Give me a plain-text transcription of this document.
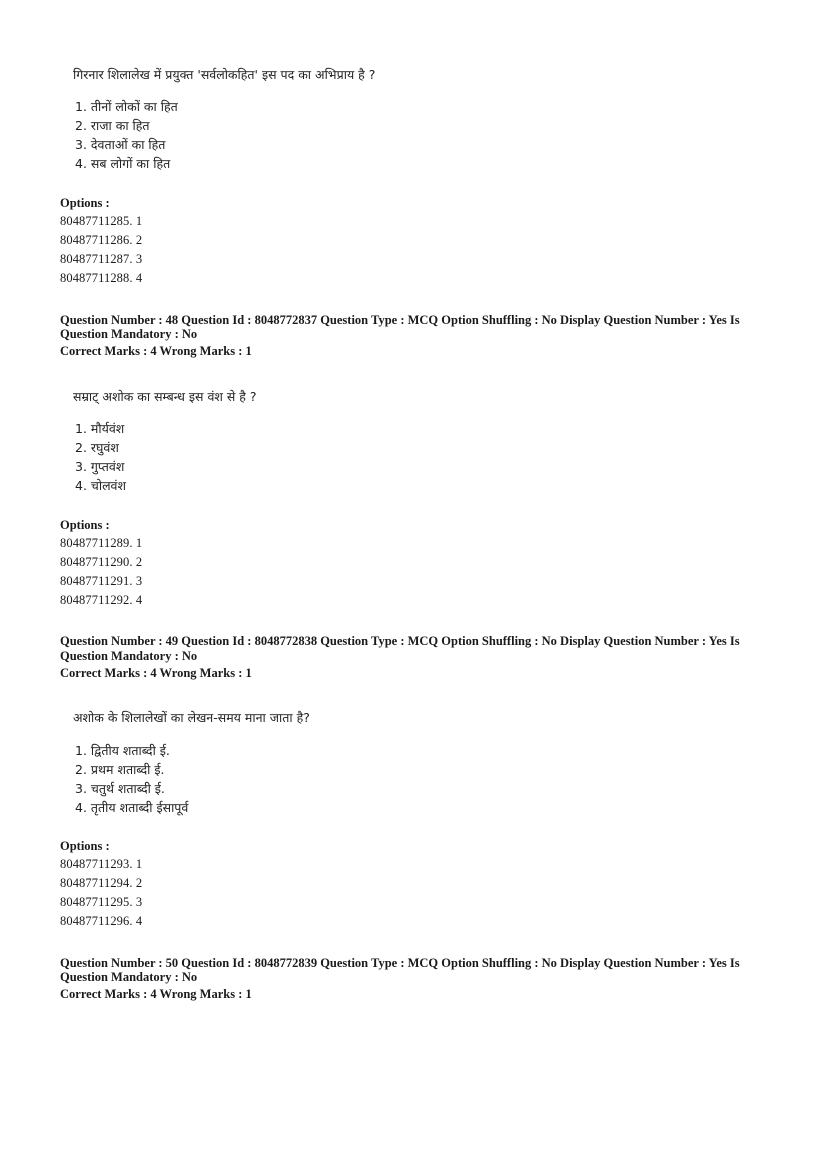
गिरनार शिलालेख में प्रयुक्त 'सर्वलोकहित' इस पद का अभिप्राय है ?
1. तीनों लोकों का हित
2. राजा का हित
3. देवताओं का हित
4. सब लोगों का हित
Options :
80487711285. 1
80487711286. 2
80487711287. 3
80487711288. 4
Question Number : 48 Question Id : 8048772837 Question Type : MCQ Option Shuffling : No Display Question Number : Yes Is
Question Mandatory : No
Correct Marks : 4 Wrong Marks : 1
सम्राट् अशोक का सम्बन्ध इस वंश से है ?
1. मौर्यवंश
2. रघुवंश
3. गुप्तवंश
4. चोलवंश
Options :
80487711289. 1
80487711290. 2
80487711291. 3
80487711292. 4
Question Number : 49 Question Id : 8048772838 Question Type : MCQ Option Shuffling : No Display Question Number : Yes Is
Question Mandatory : No
Correct Marks : 4 Wrong Marks : 1
अशोक के शिलालेखों का लेखन-समय माना जाता है?
1. द्वितीय शताब्दी ई.
2. प्रथम शताब्दी ई.
3. चतुर्थ शताब्दी ई.
4. तृतीय शताब्दी ईसापूर्व
Options :
80487711293. 1
80487711294. 2
80487711295. 3
80487711296. 4
Question Number : 50 Question Id : 8048772839 Question Type : MCQ Option Shuffling : No Display Question Number : Yes Is
Question Mandatory : No
Correct Marks : 4 Wrong Marks : 1
